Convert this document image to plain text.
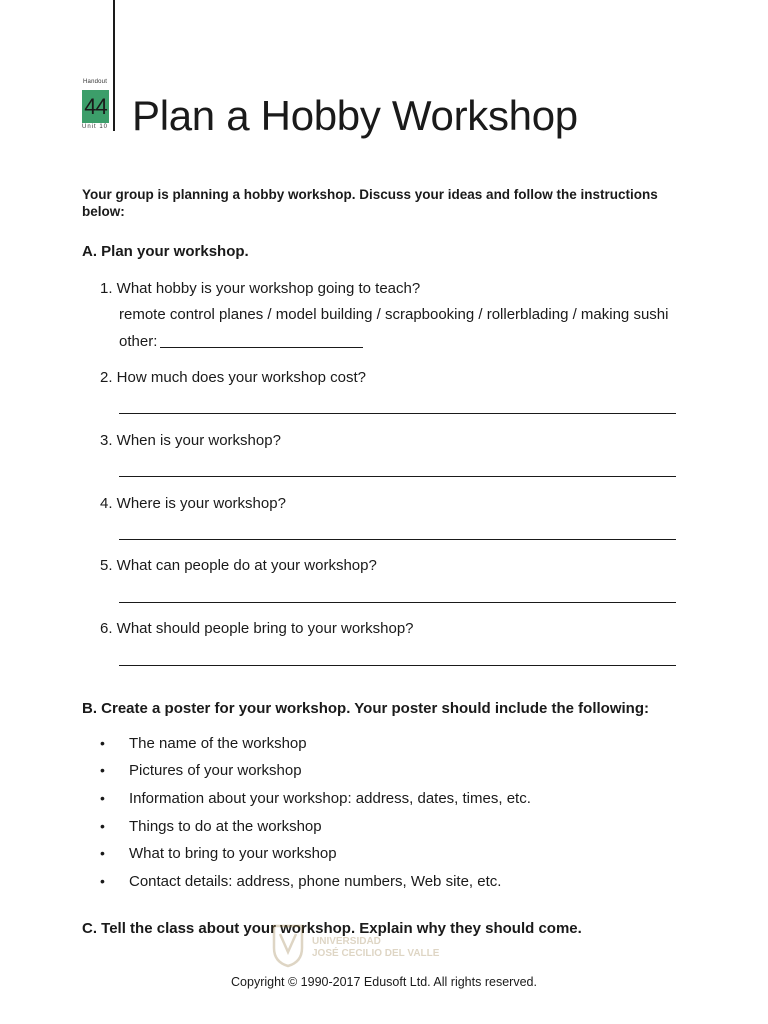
Handout
44
Unit 10 Plan a Hobby Workshop

Your group is planning a hobby workshop. Discuss your ideas and follow the instructions below:

A. Plan your workshop.

1. What hobby is your workshop going to teach?

remote control planes / model building / scrapbooking / rollerblading / making sushi

other:

2. How much does your workshop cost?

3. When is your workshop?

4. Where is your workshop?

5. What can people do at your workshop?

6. What should people bring to your workshop?

B. Create a poster for your workshop. Your poster should include the following:

• The name of the workshop

• Pictures of your workshop

• Information about your workshop: address, dates, times, etc.

• Things to do at the workshop

• What to bring to your workshop

• Contact details: address, phone numbers, Web site, etc.

C. Tell the class about your workshop. Explain why they should come.
UNIVERSIDAD
JOSÉ CECILIO DEL VALLE
Copyright © 1990-2017 Edusoft Ltd. All rights reserved.
